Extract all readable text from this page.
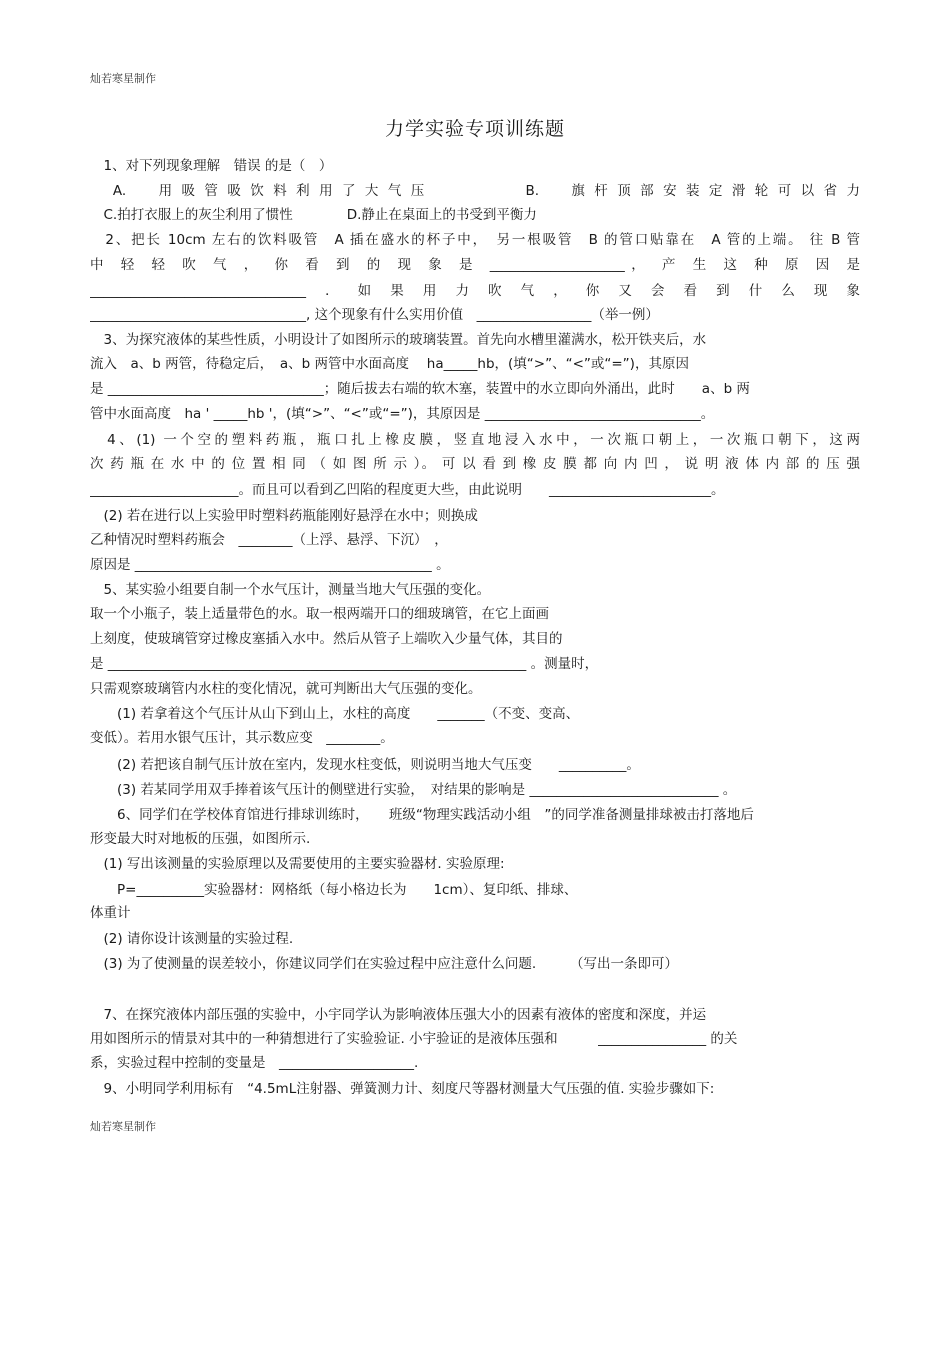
灿若寒星制作
力学实验专项训练题
　1、对下列现象理解　错误 的是（　）
　A.　用吸管吸饮料利用了大气压　　　　B.　旗杆顶部安装定滑轮可以省力
　C.拍打衣服上的灰尘利用了惯性　　　　D.静止在桌面上的书受到平衡力
　2、把长 10cm 左右的饮料吸管　A 插在盛水的杯子中，　另一根吸管　B 的管口贴靠在　A 管的上端。 往 B 管
中 轻 轻 吹 气 ， 你 看 到 的 现 象 是 ____________________， 产 生 这 种 原 因 是
________________________________．如果用力吹气，你又会看到什么现象
________________________________, 这个现象有什么实用价值　_________________（举一例）
　3、为探究液体的某些性质，小明设计了如图所示的玻璃装置。首先向水槽里灌满水，松开铁夹后，水
流入　a、b 两管，待稳定后，　a、b 两管中水面高度　 ha_____hb，(填“>”、“<”或“=”)，其原因
是 ________________________________；随后拔去右端的软木塞，装置中的水立即向外涌出，此时　　a、b 两
管中水面高度　ha ' _____hb '，(填“>”、“<”或“=”)，其原因是 ________________________________。
　4、(1) 一个空的塑料药瓶，瓶口扎上橡皮膜，竖直地浸入水中，一次瓶口朝上，一次瓶口朝下，这两
次 药 瓶 在 水 中 的 位 置 相 同 （ 如 图 所 示 ）。 可 以 看 到 橡 皮 膜 都 向 内 凹 ， 说 明 液 体 内 部 的 压 强
______________________。而且可以看到乙凹陷的程度更大些，由此说明　　________________________。
　(2) 若在进行以上实验甲时塑料药瓶能刚好悬浮在水中；则换成
乙种情况时塑料药瓶会　________（上浮、悬浮、下沉）　，
原因是 ____________________________________________ 。
　5、某实验小组要自制一个水气压计，测量当地大气压强的变化。
取一个小瓶子，装上适量带色的水。取一根两端开口的细玻璃管，在它上面画
上刻度，使玻璃管穿过橡皮塞插入水中。然后从管子上端吹入少量气体，其目的
是 ______________________________________________________________ 。测量时，
只需观察玻璃管内水柱的变化情况，就可判断出大气压强的变化。
　　(1) 若拿着这个气压计从山下到山上，水柱的高度　　_______（不变、变高、
变低）。若用水银气压计，其示数应变　________。
　　(2) 若把该自制气压计放在室内，发现水柱变低，则说明当地大气压变　　__________。
　　(3) 若某同学用双手捧着该气压计的侧壁进行实验，　对结果的影响是 ____________________________ 。
　　6、同学们在学校体育馆进行排球训练时，　　班级“物理实践活动小组　”的同学准备测量排球被击打落地后
形变最大时对地板的压强，如图所示.
　(1) 写出该测量的实验原理以及需要使用的主要实验器材. 实验原理:
　　P=__________实验器材：网格纸（每小格边长为　　1cm）、复印纸、排球、
体重计
　(2) 请你设计该测量的实验过程.
　(3) 为了使测量的误差较小，你建议同学们在实验过程中应注意什么问题.　　　（写出一条即可）
　7、在探究液体内部压强的实验中，小宇同学认为影响液体压强大小的因素有液体的密度和深度，并运
用如图所示的情景对其中的一种猜想进行了实验验证. 小宇验证的是液体压强和　　　________________ 的关
系，实验过程中控制的变量是　____________________.
　9、小明同学利用标有　“4.5mL注射器、弹簧测力计、刻度尺等器材测量大气压强的值. 实验步骤如下:
灿若寒星制作
